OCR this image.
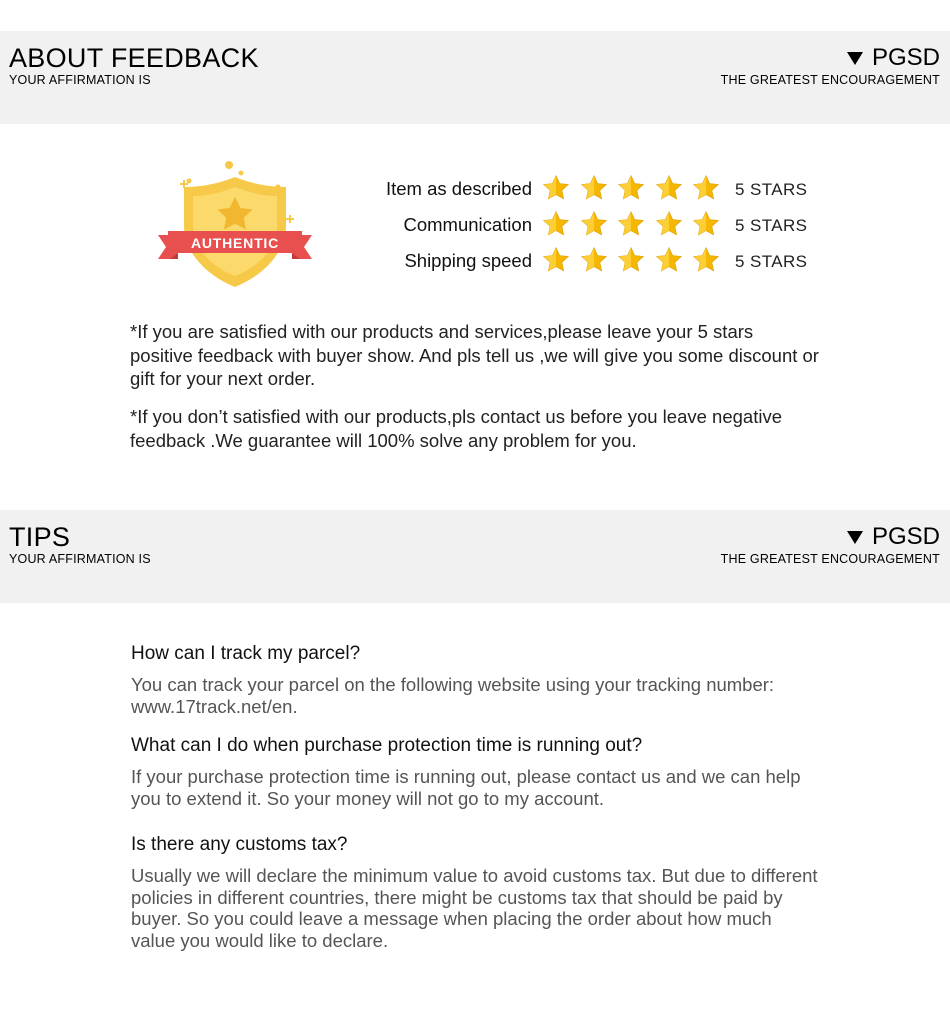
ABOUT FEEDBACK
YOUR AFFIRMATION IS
PGSD
THE GREATEST ENCOURAGEMENT
AUTHENTIC
Item as described	5 STARS
Communication	5 STARS
Shipping speed	5 STARS

*If you are satisfied with our products and services,please leave your 5 stars positive feedback with buyer show. And pls tell us ,we will give you some discount or gift for your next order.

*If you don’t satisfied with our products,pls contact us before you leave negative feedback .We guarantee will 100% solve any problem for you.

TIPS
YOUR AFFIRMATION IS
PGSD
THE GREATEST ENCOURAGEMENT
How can I track my parcel?
You can track your parcel on the following website using your tracking number: www.17track.net/en.
What can I do when purchase protection time is running out?
If your purchase protection time is running out, please contact us and we can help you to extend it. So your money will not go to my account.
Is there any customs tax?
Usually we will declare the minimum value to avoid customs tax. But due to different policies in different countries, there might be customs tax that should be paid by buyer. So you could leave a message when placing the order about how much value you would like to declare.
